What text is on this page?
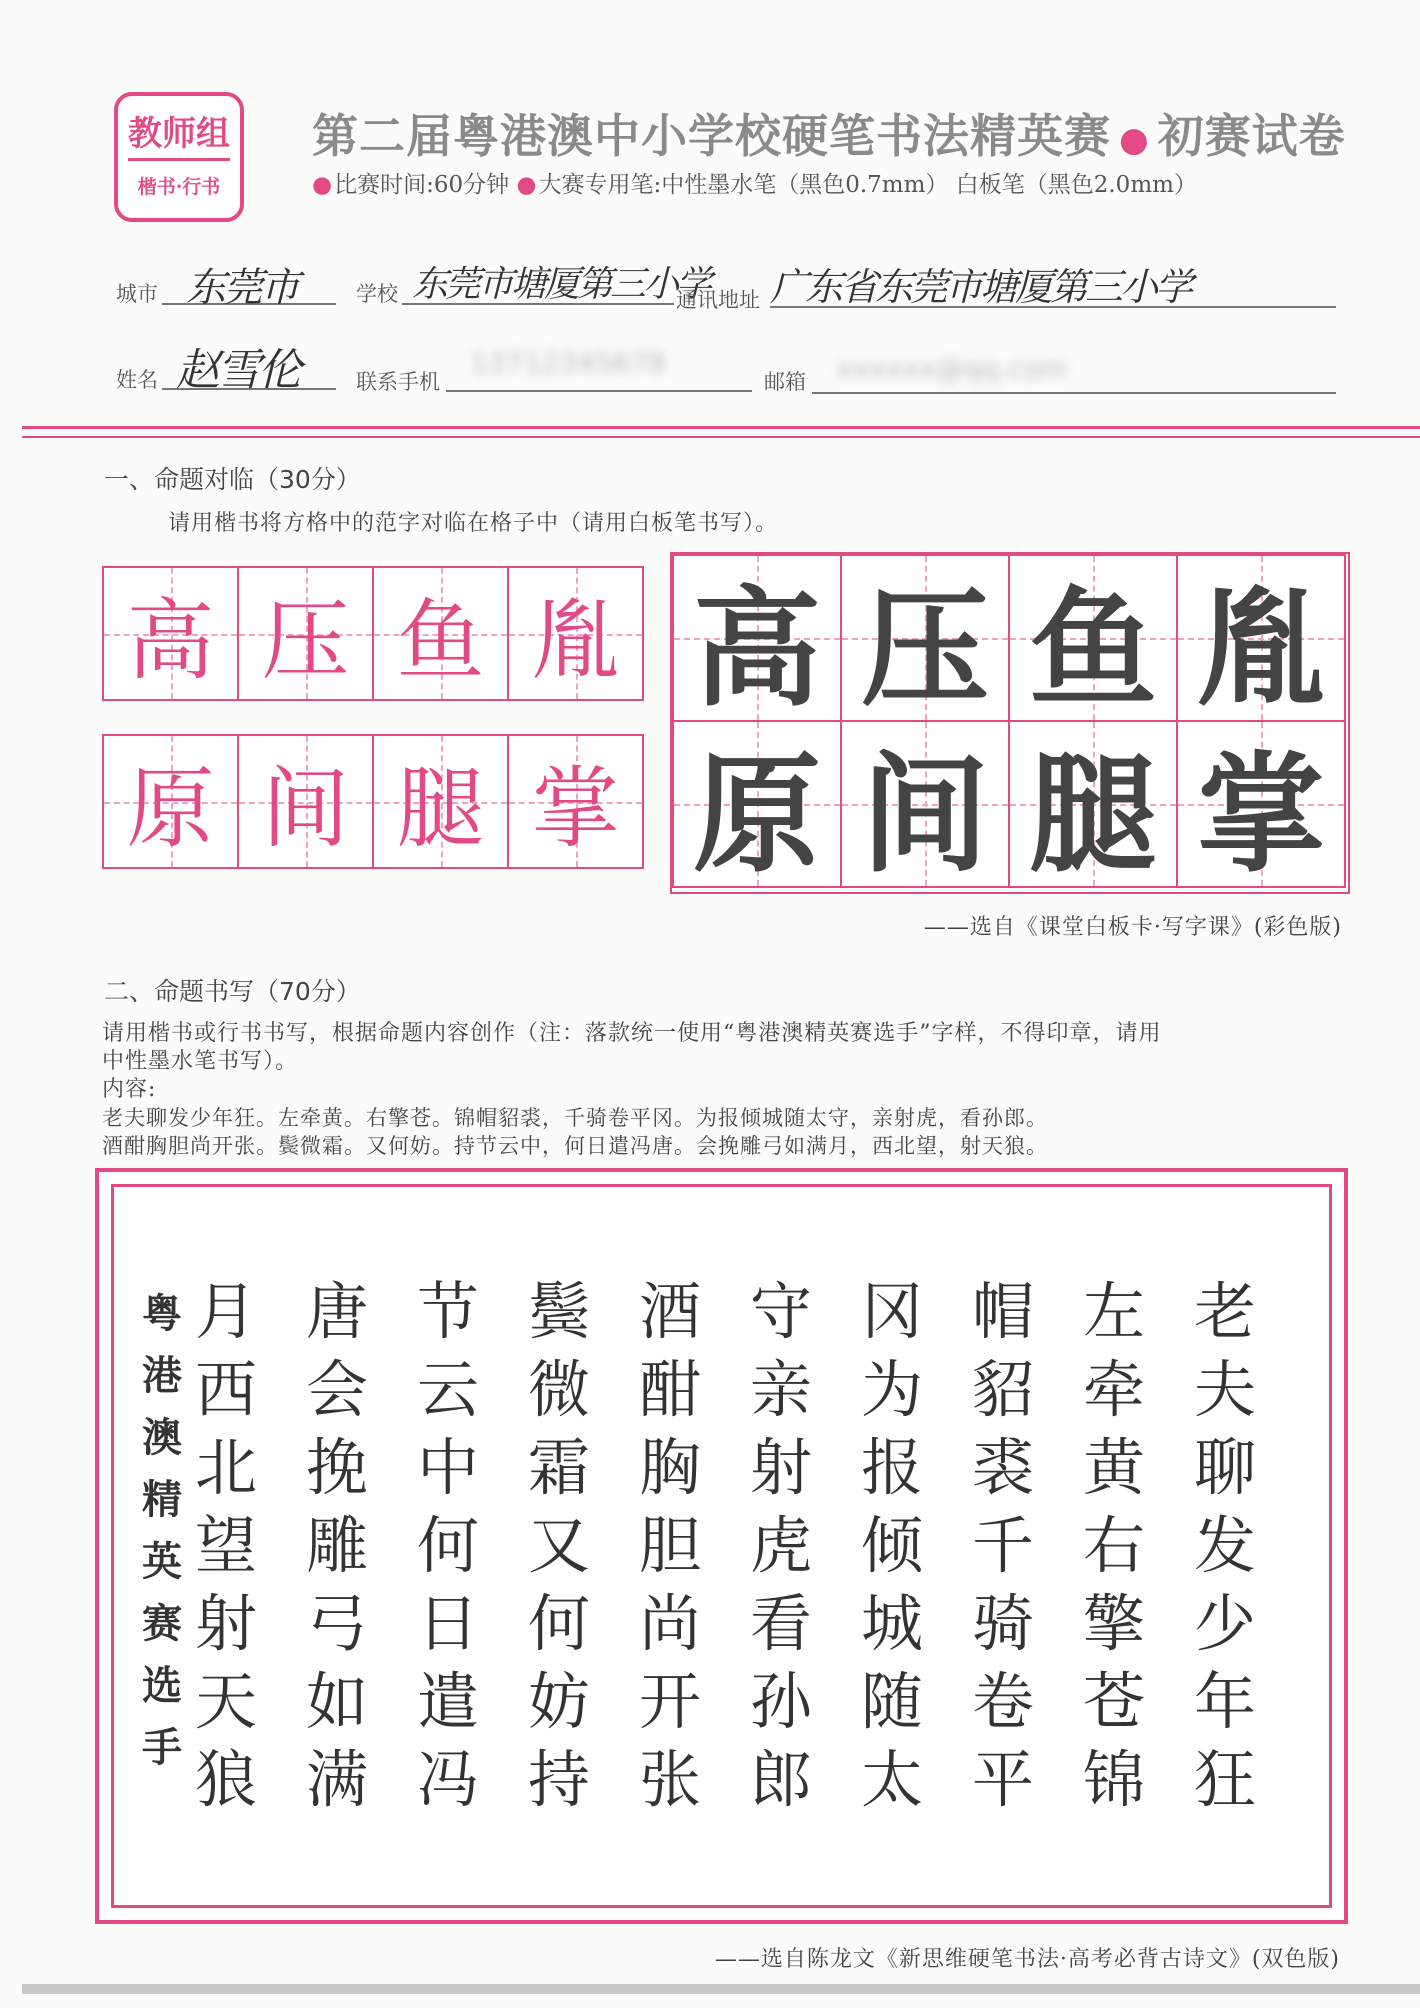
教师组
楷书·行书
第二届粤港澳中小学校硬笔书法精英赛 ● 初赛试卷
●比赛时间:60分钟 ●大赛专用笔:中性墨水笔（黑色0.7mm） 白板笔（黑色2.0mm）
城市 东莞市	学校 东莞市塘厦第三小学
通讯地址 广东省东莞市塘厦第三小学
姓名 赵雪伦	联系手机
13712345678
邮箱 xxxxxx@qq.com
一、命题对临（30分）
请用楷书将方格中的范字对临在格子中（请用白板笔书写）。
高 压 鱼 胤
原 间 腿 掌
高 压 鱼 胤
原 间 腿 掌
——选自《课堂白板卡·写字课》(彩色版)
二、命题书写（70分）
请用楷书或行书书写，根据命题内容创作（注：落款统一使用“粤港澳精英赛选手”字样，不得印章，请用
中性墨水笔书写）。
内容:
老夫聊发少年狂。左牵黄。右擎苍。锦帽貂裘，千骑卷平冈。为报倾城随太守，亲射虎，看孙郎。
酒酣胸胆尚开张。鬓微霜。又何妨。持节云中，何日遣冯唐。会挽雕弓如满月，西北望，射天狼。
粤
港
澳
精
英
赛
选
手
老
夫
聊
发
少
年
狂
左
牵
黄
右
擎
苍
锦
帽
貂
裘
千
骑
卷
平
冈
为
报
倾
城
随
太
守
亲
射
虎
看
孙
郎
酒
酣
胸
胆
尚
开
张
鬓
微
霜
又
何
妨
持
节
云
中
何
日
遣
冯
唐
会
挽
雕
弓
如
满
月
西
北
望
射
天
狼
——选自陈龙文《新思维硬笔书法·高考必背古诗文》(双色版)
